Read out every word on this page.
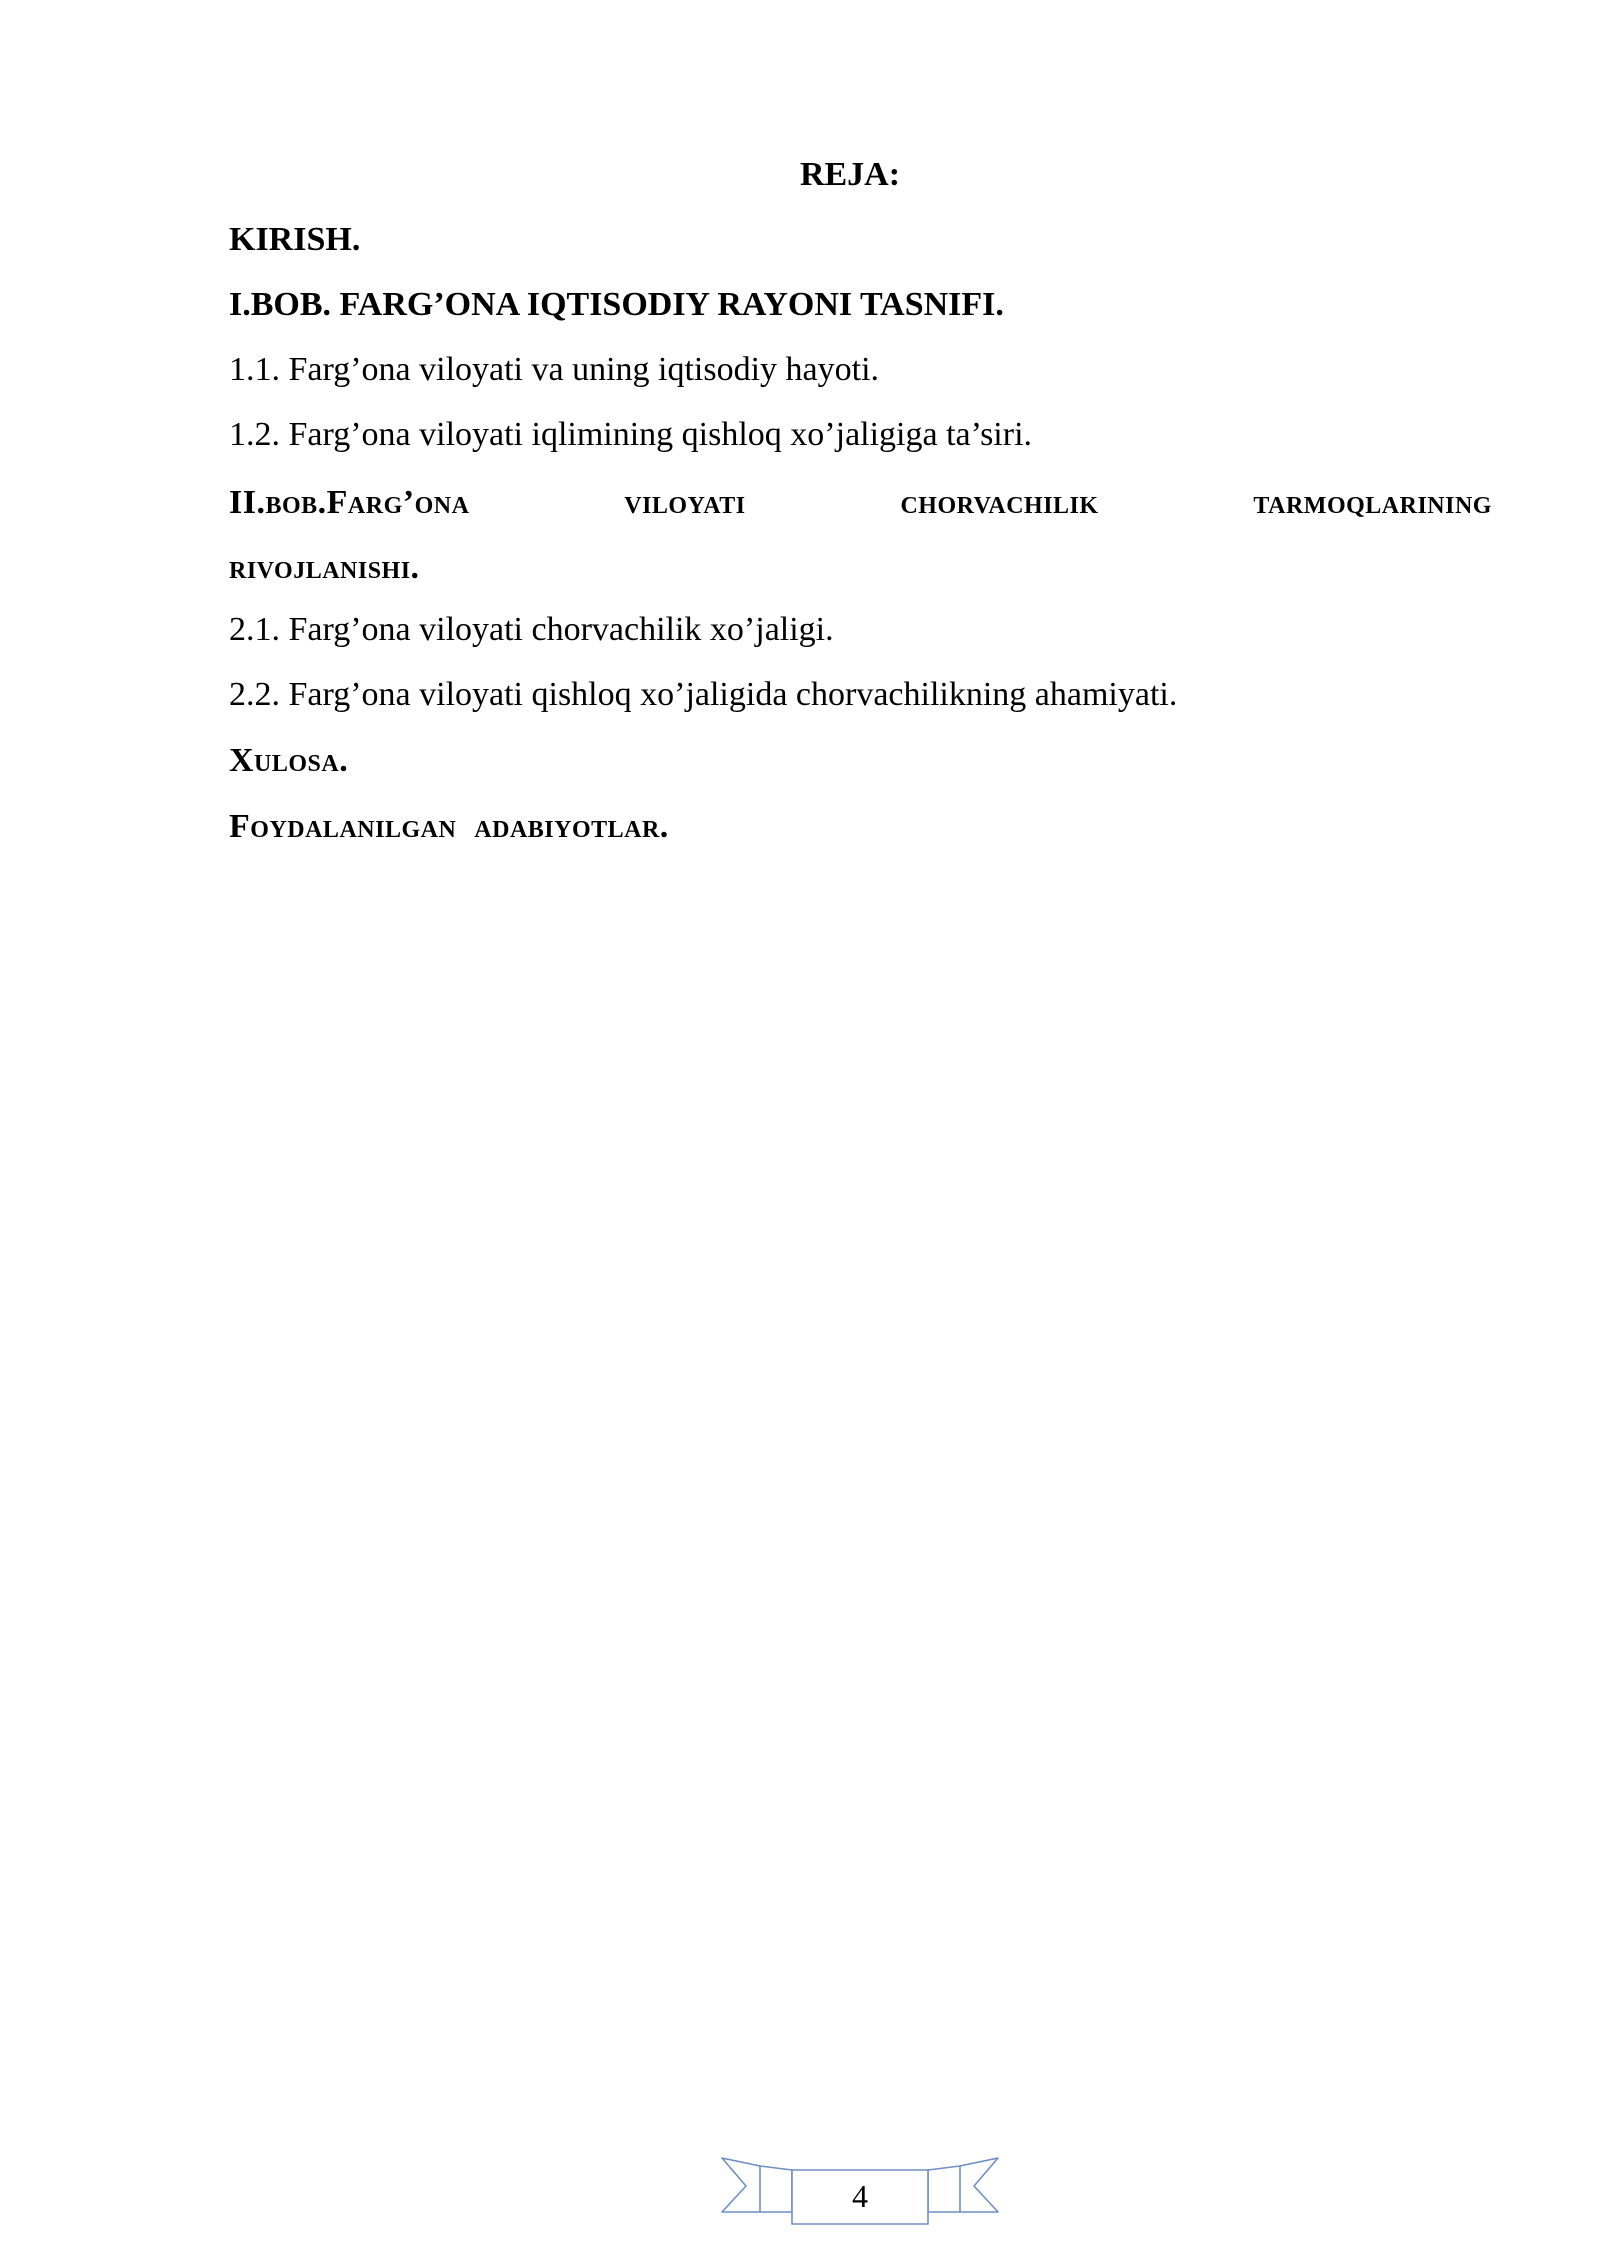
REJA:
KIRISH.
I.BOB. FARG’ONA IQTISODIY RAYONI TASNIFI.
1.1. Farg’ona viloyati va uning iqtisodiy hayoti.
1.2. Farg’ona viloyati iqlimining qishloq xo’jaligiga ta’siri.
II.bob.Farg’ona	viloyati	chorvachilik	tarmoqlarining
rivojlanishi.
2.1. Farg’ona viloyati chorvachilik xo’jaligi.
2.2. Farg’ona viloyati qishloq xo’jaligida chorvachilikning ahamiyati.
Xulosa.
Foydalanilgan  adabiyotlar.
4
